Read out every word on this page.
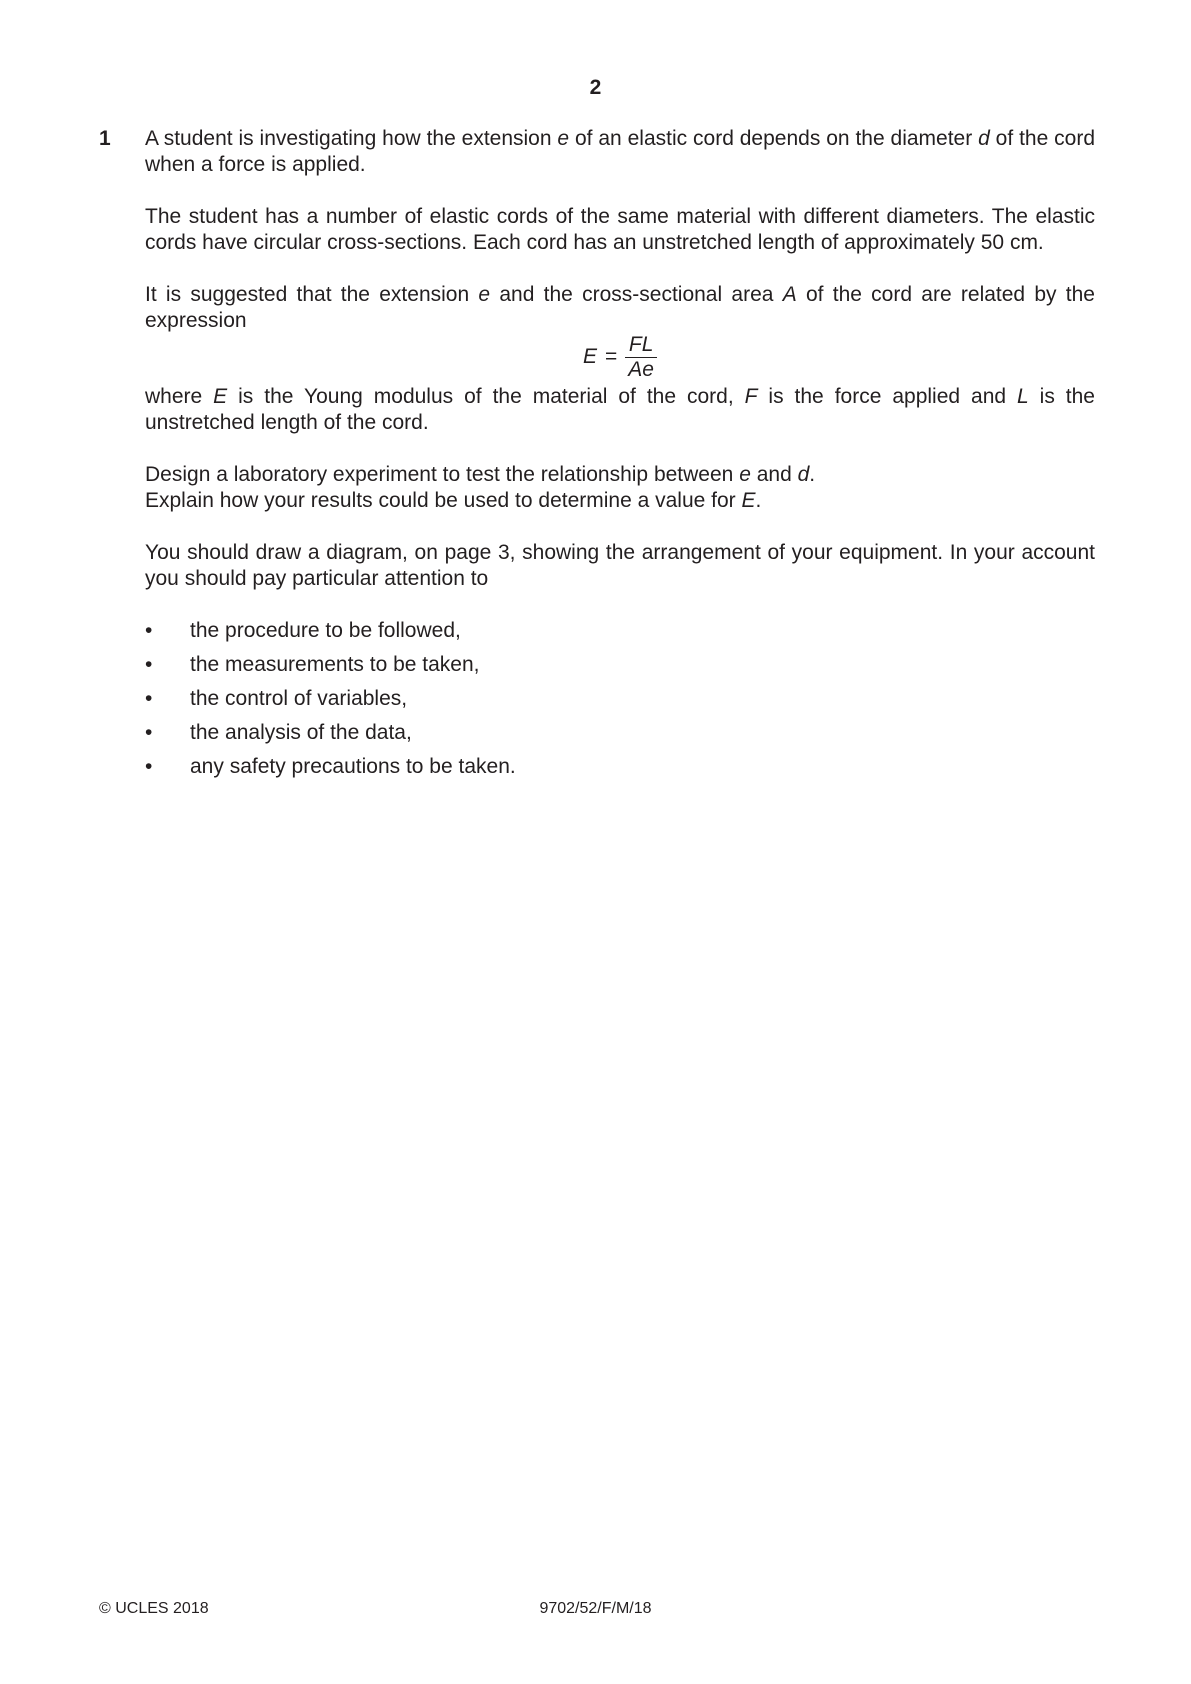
2
1 A student is investigating how the extension e of an elastic cord depends on the diameter d of the cord when a force is applied.

The student has a number of elastic cords of the same material with different diameters. The elastic cords have circular cross-sections. Each cord has an unstretched length of approximately 50 cm.

It is suggested that the extension e and the cross-sectional area A of the cord are related by the expression

$E = \frac{FL}{Ae}$

where E is the Young modulus of the material of the cord, F is the force applied and L is the unstretched length of the cord.

Design a laboratory experiment to test the relationship between e and d.
Explain how your results could be used to determine a value for E.

You should draw a diagram, on page 3, showing the arrangement of your equipment. In your account you should pay particular attention to

• the procedure to be followed,
• the measurements to be taken,
• the control of variables,
• the analysis of the data,
• any safety precautions to be taken.
© UCLES 2018	9702/52/F/M/18
